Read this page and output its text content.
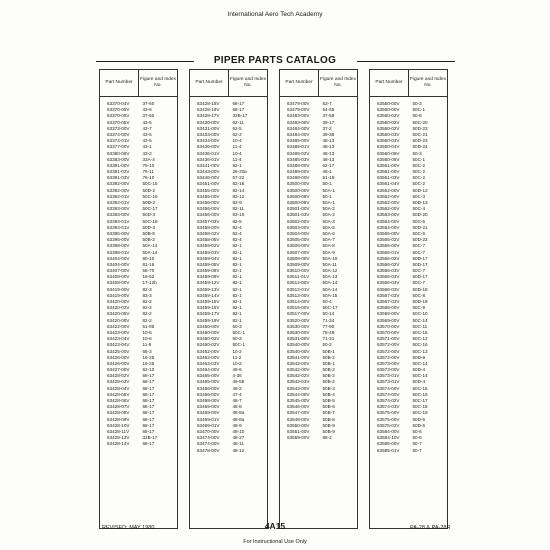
International Aero Tech Academy
PIPER PARTS CATALOG
Part Number
Figure and Index No.
63370-04V	37-60
63370-05V	43-6
63370-05V	37-60
63370-05V	43-5
63373-00V	43-7
63374-00V	43-5
63374-01V	43-5
63377-00V	43-1
63380-06V	43-2
63383-00V	33A-4
63391-00V	76-10
63391-02V	76-11
63391-03V	76-10
63392-00V	50C-15
63392-00V	50D-2
63392-01V	50C-16
63392-01V	50D-2
63393-00V	50C-17
63393-00V	50D-3
63393-01V	50C-18
63393-01V	50D-3
63395-00V	50B-9
63396-00V	50B-2
63398-00V	50A-14
63398-01V	50A-14
63404-00V	80-10
63404-00V	81-16
63407-00V	56-70
63408-00V	16-52
63408-00V	17-12b
63419-00V	82-3
63419-00V	83-3
63420-00V	82-2
63420-02V	82-2
63420-05V	82-2
63420-08V	82-2
63422-00V	51-95
63423-00V	10-6
63423-04V	10-6
63423-04V	11-6
63425-00V	66-3
63426-00V	16-25
63426-00V	16-25
63427-00V	62-10
63428-02V	68-17
63428-03V	68-17
63428-04V	68-17
63428-05V	68-17
63428-06V	68-17
63428-07V	68-17
63428-08V	68-17
63428-09V	68-17
63428-10V	68-17
63428-11V	68-17
63428-13V	32B-17
63428-14V	68-17
Part Number
Figure and Index No.
63428-15V	68-17
63428-16V	68-17
63428-17V	32B-17
63430-00V	62-11
63431-00V	62-5
63433-00V	62-2
63434-00V	10-4
63436-00V	11-4
63436-01V	10-4
63436-01V	11-4
63441-00V	82-1
63443-00V	28-20a
63446-00V	57-22
63451-00V	82-16
63455-00V	82-14
63455-00V	83-12
63456-00V	82-9
63456-00V	82-11
63456-00V	83-10
63457-03V	82-5
63458-00V	82-4
63458-02V	82-4
63458-05V	82-4
63459-02V	82-1
63459-03V	82-1
63459-04V	82-1
63459-05V	82-1
63459-08V	82-1
63459-09V	82-1
63459-12V	82-1
63459-13V	82-1
63459-14V	82-1
63459-15V	82-1
63459-16V	82-1
63459-17V	82-1
63459-19V	82-1
63460-00V	50-3
63460-00V	50C-1
63460-02V	50-3
63460-02V	50C-1
63462-00V	10-2
63462-00V	11-2
63462-03V	10-2
63464-00V	48-6
63465-00V	4-36
63465-00V	49-58
63466-00V	46-2
63466-00V	47-4
63468-00V	48-7
63469-00V	48-8
63469-00V	48-8a
63469-01V	48-8a
63469-01V	48-9
63470-00V	48-10
63474-00V	48-27
63474-00V	48-11
63478-00V	48-12
Part Number
Figure and Index No.
63479-00V	53-7
63479-00V	54-55
63483-00V	37-59
63483-00V	39-17
63484-00V	37-2
63484-00V	39-38
63485-00V	48-13
63485-01V	48-13
63485-02V	48-13
63485-03V	48-13
63488-00V	62-17
63489-00V	46-1
63498-00V	51-19
63500-00V	50-1
63500-00V	50A-1
63500-08V	50-1
63500-08V	50A-1
63501-00V	50A-2
63501-03V	50A-2
63502-00V	50A-3
63503-00V	50A-5
63504-00V	50A-6
63505-00V	50A-7
63506-00V	50A-8
63507-00V	50A-9
63508-00V	50A-10
63509-00V	50A-11
63510-00V	50A-12
63511-01V	50A-13
63512-00V	50A-14
63512-01V	50A-14
63513-00V	50A-15
63514-00V	50-4
63515-00V	50C-17
63517-00V	50-14
63520-00V	71-34
63530-00V	77-90
63530-00V	78-49
63531-00V	71-31
63540-00V	50-2
63540-00V	50B-1
63541-00V	50B-2
63542-00V	50B-1
63542-00V	50B-2
63542-02V	50B-2
63542-03V	50B-2
63543-00V	50B-3
63544-00V	50B-4
63545-00V	50B-5
63546-00V	50B-6
63547-00V	50B-7
63548-00V	50B-8
63550-00V	50B-9
63551-00V	50B-9
63559-00V	88-2
Part Number
Figure and Index No.
63560-00V	50-3
63560-00V	50C-1
63560-02V	50-8
63560-02V	50C-20
63560-02V	50D-23
63560-03V	50C-21
63560-03V	50D-23
63560-04V	50D-24
63560-06V	50-3
63560-06V	50C-1
63561-00V	50C-2
63561-00V	50C-2
63561-03V	50C-2
63561-04V	50C-2
63562-00V	50D-12
63562-00V	50C-3
63562-00V	50D-13
63562-00V	50C-4
63563-00V	50D-20
63564-00V	50C-5
63564-00V	50D-21
63565-00V	50C-6
63565-02V	50D-22
63566-00V	50C-7
63566-01V	50C-7
63566-02V	50D-17
63566-02V	50D-17
63566-03V	50C-7
63566-03V	50D-17
63566-03V	50C-7
63566-03V	50D-18
63567-03V	50C-8
63567-03V	50D-19
63568-00V	50C-9
63569-00V	50C-10
63569-00V	50C-14
63570-00V	50C-11
63570-00V	50C-15
63571-00V	50C-12
63572-00V	50C-16
63572-00V	50C-13
63572-00V	50D-9
63573-00V	50C-14
63573-00V	50D-4
63573-01V	50C-14
63573-01V	50D-4
63574-00V	50C-15
63574-00V	50C-16
63574-02V	50C-17
63574-03V	50C-18
63575-00V	50C-19
63575-00V	50D-5
63575-02V	50D-5
63584-00V	50-6
63584-10V	50-6
63585-00V	50-7
63585-01V	50-7
REVISED: MAY 1980	4A15	PA-28 & PA-28R
For Instructional Use Only
